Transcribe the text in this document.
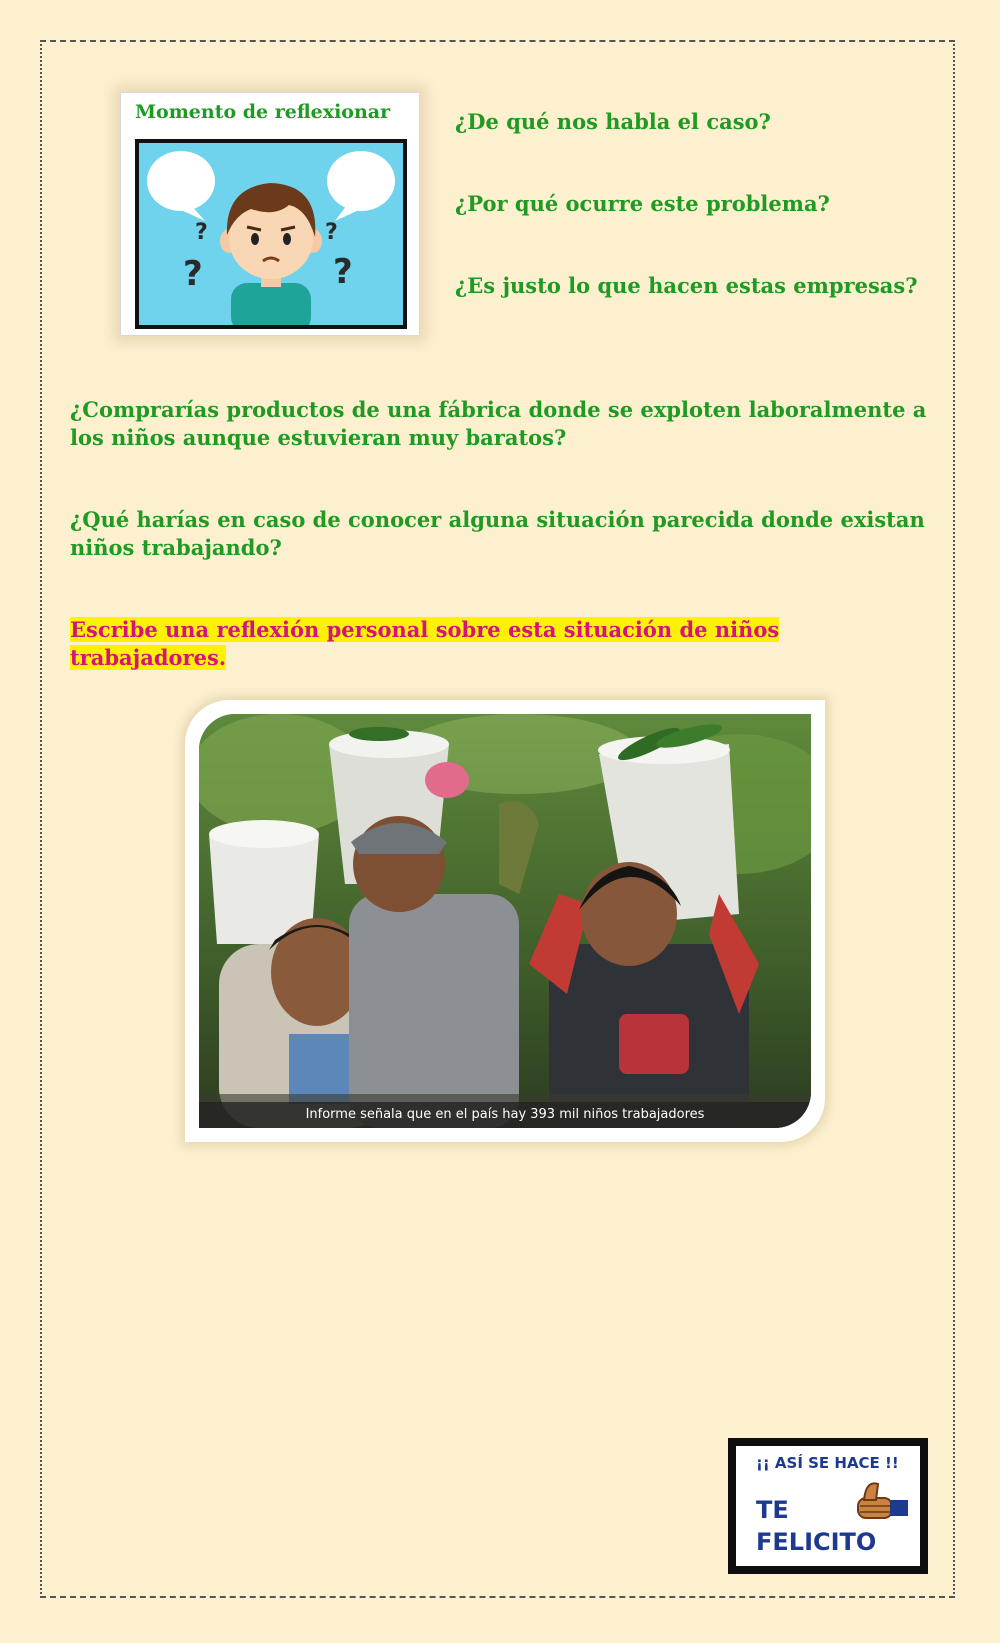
Momento de reflexionar
?
?
?
?

¿De qué nos habla el caso?

¿Por qué ocurre este problema?

¿Es justo lo que hacen estas empresas?

¿Comprarías productos de una fábrica donde se exploten laboralmente a los niños aunque estuvieran muy baratos?

¿Qué harías en caso de conocer alguna situación parecida donde existan niños trabajando?

Escribe una reflexión personal sobre esta situación de niños trabajadores.

Informe señala que en el país hay 393 mil niños trabajadores
¡¡ ASÍ SE HACE !!
TE
FELICITO
